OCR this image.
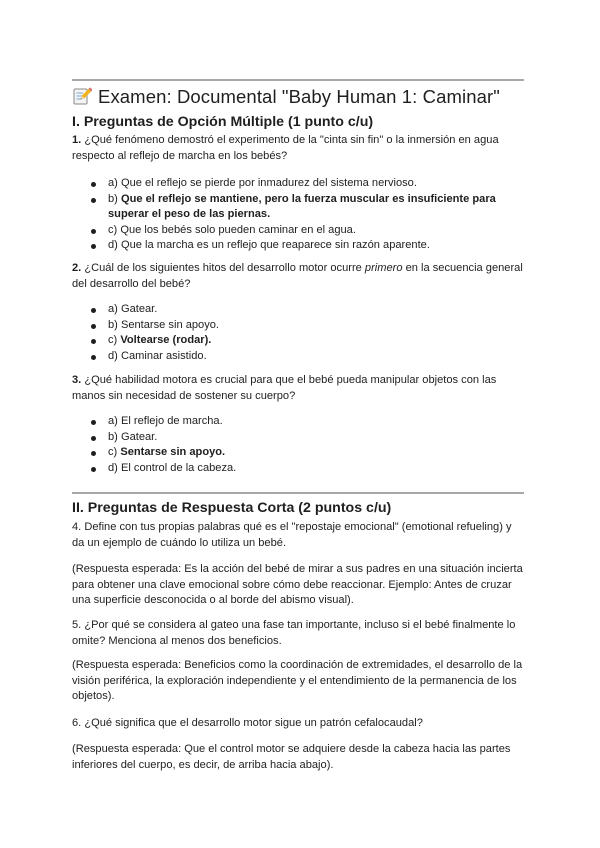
Examen: Documental "Baby Human 1: Caminar"
I. Preguntas de Opción Múltiple (1 punto c/u)
1. ¿Qué fenómeno demostró el experimento de la "cinta sin fin" o la inmersión en agua respecto al reflejo de marcha en los bebés?
a) Que el reflejo se pierde por inmadurez del sistema nervioso.
b) Que el reflejo se mantiene, pero la fuerza muscular es insuficiente para superar el peso de las piernas.
c) Que los bebés solo pueden caminar en el agua.
d) Que la marcha es un reflejo que reaparece sin razón aparente.
2. ¿Cuál de los siguientes hitos del desarrollo motor ocurre primero en la secuencia general del desarrollo del bebé?
a) Gatear.
b) Sentarse sin apoyo.
c) Voltearse (rodar).
d) Caminar asistido.
3. ¿Qué habilidad motora es crucial para que el bebé pueda manipular objetos con las manos sin necesidad de sostener su cuerpo?
a) El reflejo de marcha.
b) Gatear.
c) Sentarse sin apoyo.
d) El control de la cabeza.
II. Preguntas de Respuesta Corta (2 puntos c/u)
4. Define con tus propias palabras qué es el "repostaje emocional" (emotional refueling) y da un ejemplo de cuándo lo utiliza un bebé.
(Respuesta esperada: Es la acción del bebé de mirar a sus padres en una situación incierta para obtener una clave emocional sobre cómo debe reaccionar. Ejemplo: Antes de cruzar una superficie desconocida o al borde del abismo visual).
5. ¿Por qué se considera al gateo una fase tan importante, incluso si el bebé finalmente lo omite? Menciona al menos dos beneficios.
(Respuesta esperada: Beneficios como la coordinación de extremidades, el desarrollo de la visión periférica, la exploración independiente y el entendimiento de la permanencia de los objetos).
6. ¿Qué significa que el desarrollo motor sigue un patrón cefalocaudal?
(Respuesta esperada: Que el control motor se adquiere desde la cabeza hacia las partes inferiores del cuerpo, es decir, de arriba hacia abajo).
